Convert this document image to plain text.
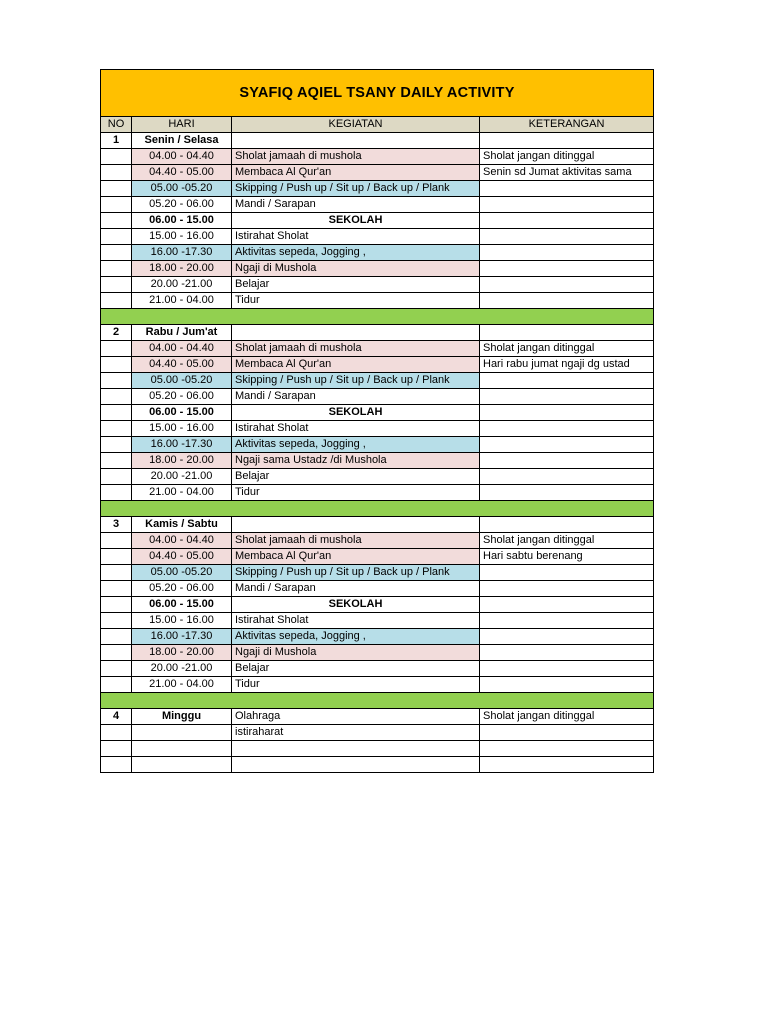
SYAFIQ AQIEL TSANY DAILY ACTIVITY			
NO	HARI	KEGIATAN	KETERANGAN
1	Senin / Selasa		
	04.00 - 04.40	Sholat jamaah di mushola	Sholat jangan ditinggal
	04.40 - 05.00	Membaca Al Qur'an	Senin sd Jumat aktivitas sama
	05.00 -05.20	Skipping / Push up / Sit up / Back up / Plank	
	05.20 - 06.00	Mandi / Sarapan	
	06.00 - 15.00	SEKOLAH	
	15.00 - 16.00	Istirahat Sholat	
	16.00 -17.30	Aktivitas sepeda, Jogging ,	
	18.00 - 20.00	Ngaji di Mushola	
	20.00 -21.00	Belajar	
	21.00 - 04.00	Tidur	

2	Rabu / Jum'at		
	04.00 - 04.40	Sholat jamaah di mushola	Sholat jangan ditinggal
	04.40 - 05.00	Membaca Al Qur'an	Hari rabu jumat ngaji dg ustad
	05.00 -05.20	Skipping / Push up / Sit up / Back up / Plank	
	05.20 - 06.00	Mandi / Sarapan	
	06.00 - 15.00	SEKOLAH	
	15.00 - 16.00	Istirahat Sholat	
	16.00 -17.30	Aktivitas sepeda, Jogging ,	
	18.00 - 20.00	Ngaji sama Ustadz /di Mushola	
	20.00 -21.00	Belajar	
	21.00 - 04.00	Tidur	

3	Kamis / Sabtu		
	04.00 - 04.40	Sholat jamaah di mushola	Sholat jangan ditinggal
	04.40 - 05.00	Membaca Al Qur'an	Hari sabtu berenang
	05.00 -05.20	Skipping / Push up / Sit up / Back up / Plank	
	05.20 - 06.00	Mandi / Sarapan	
	06.00 - 15.00	SEKOLAH	
	15.00 - 16.00	Istirahat Sholat	
	16.00 -17.30	Aktivitas sepeda, Jogging ,	
	18.00 - 20.00	Ngaji di Mushola	
	20.00 -21.00	Belajar	
	21.00 - 04.00	Tidur	

4	Minggu	Olahraga	Sholat jangan ditinggal
		istiraharat	
